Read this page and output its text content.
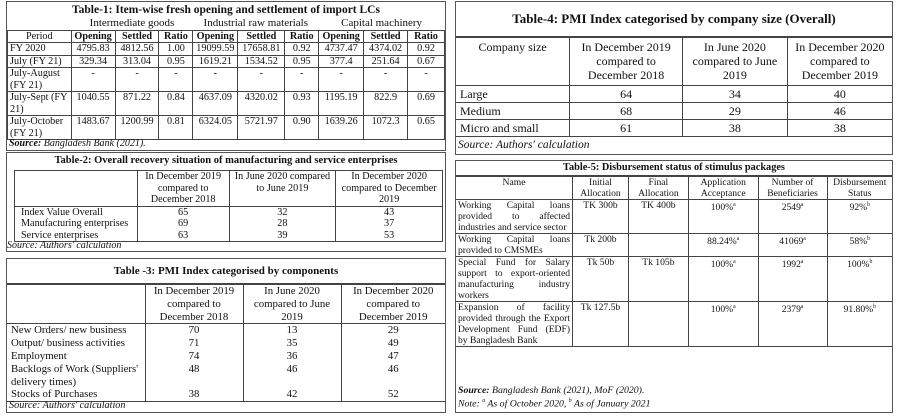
Table-1: Item-wise fresh opening and settlement of import LCs
	Intermediate goods			Industrial raw materials			Capital machinery		
Period	Opening	Settled	Ratio	Opening	Settled	Ratio	Opening	Settled	Ratio
FY 2020	4795.83	4812.56	1.00	19099.59	17658.81	0.92	4737.47	4374.02	0.92
July (FY 21)	329.34	313.04	0.95	1619.21	1534.52	0.95	377.4	251.64	0.67
July-August (FY 21)	-	-	-	-	-	-	-	-	-
July-Sept (FY 21)	1040.55	871.22	0.84	4637.09	4320.02	0.93	1195.19	822.9	0.69
July-October (FY 21)	1483.67	1200.99	0.81	6324.05	5721.97	0.90	1639.26	1072.3	0.65
Source: Bangladesh Bank (2021).
Table-2: Overall recovery situation of manufacturing and service enterprises
	In December 2019 compared to December 2018	In June 2020 compared to June 2019	In December 2020 compared to December 2019
Index Value Overall	65	32	43
Manufacturing enterprises	69	28	37
Service enterprises	63	39	53
Source: Authors' calculation
Table -3: PMI Index categorised by components
	In December 2019 compared to December 2018	In June 2020 compared to June 2019	In December 2020 compared to December 2019
New Orders/ new business	70	13	29
Output/ business activities	71	35	49
Employment	74	36	47
Backlogs of Work (Suppliers' delivery times)	48	46	46
Stocks of Purchases	38	42	52
Source: Authors' calculation
Table-4: PMI Index categorised by company size (Overall)
Company size	In December 2019 compared to December 2018	In June 2020 compared to June 2019	In December 2020 compared to December 2019
Large	64	34	40
Medium	68	29	46
Micro and small	61	38	38
Source: Authors' calculation
Table-5: Disbursement status of stimulus packages
Name	Initial Allocation	Final Allocation	Application Acceptance	Number of Beneficiaries	Disbursement Status
Working Capital loans provided to affected industries and service sector	TK 300b	TK 400b	100%$^a$	2549$^a$	92%$^b$
Working Capital loans provided to CMSMEs	Tk 200b		88.24%$^a$	41069$^a$	58%$^b$
Special Fund for Salary support to export-oriented manufacturing industry workers	Tk 50b	Tk 105b	100%$^a$	1992$^a$	100%$^b$
Expansion of facility provided through the Export Development Fund (EDF) by Bangladesh Bank	Tk 127.5b		100%$^a$	2379$^a$	91.80%$^b$
Source: Bangladesh Bank (2021), MoF (2020).
Note: $^a$ As of October 2020, $^b$ As of January 2021
